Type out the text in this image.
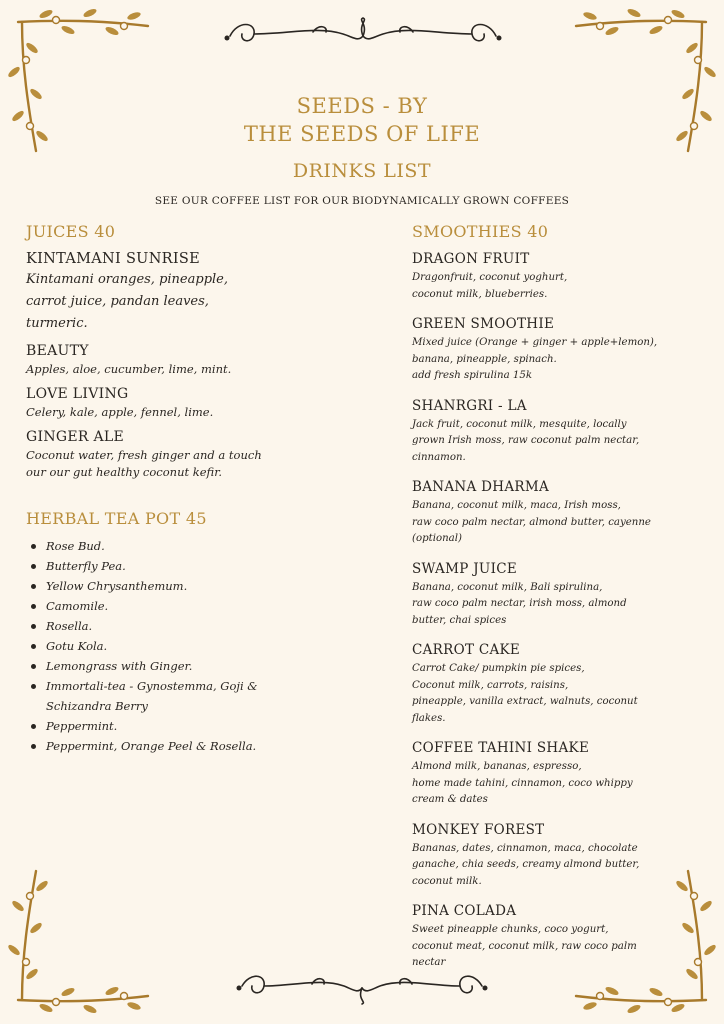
SEEDS - BY
THE SEEDS OF LIFE
DRINKS LIST
SEE OUR COFFEE LIST FOR OUR BIODYNAMICALLY GROWN COFFEES
JUICES 40
KINTAMANI SUNRISE
Kintamani oranges, pineapple,
carrot juice, pandan leaves,
turmeric.
BEAUTY
Apples, aloe, cucumber, lime, mint.
LOVE LIVING
Celery, kale, apple, fennel, lime.
GINGER ALE
Coconut water, fresh ginger and a touch
our our gut healthy coconut kefir.
HERBAL TEA POT 45
Rose Bud.
Butterfly Pea.
Yellow Chrysanthemum.
Camomile.
Rosella.
Gotu Kola.
Lemongrass with Ginger.
Immortali-tea - Gynostemma, Goji &
Schizandra Berry
Peppermint.
Peppermint, Orange Peel & Rosella.
SMOOTHIES 40
DRAGON FRUIT
Dragonfruit, coconut yoghurt,
coconut milk, blueberries.
GREEN SMOOTHIE
Mixed juice (Orange + ginger + apple+lemon),
banana, pineapple, spinach.
add fresh spirulina 15k
SHANRGRI - LA
Jack fruit, coconut milk, mesquite, locally
grown Irish moss, raw coconut palm nectar,
cinnamon.
BANANA DHARMA
Banana, coconut milk, maca, Irish moss,
raw coco palm nectar, almond butter, cayenne
(optional)
SWAMP JUICE
Banana, coconut milk, Bali spirulina,
raw coco palm nectar, irish moss, almond
butter, chai spices
CARROT CAKE
Carrot Cake/ pumpkin pie spices,
Coconut milk, carrots, raisins,
pineapple, vanilla extract, walnuts, coconut
flakes.
COFFEE TAHINI SHAKE
Almond milk, bananas, espresso,
home made tahini, cinnamon, coco whippy
cream & dates
MONKEY FOREST
Bananas, dates, cinnamon, maca, chocolate
ganache, chia seeds, creamy almond butter,
coconut milk.
PINA COLADA
Sweet pineapple chunks, coco yogurt,
coconut meat, coconut milk, raw coco palm
nectar
